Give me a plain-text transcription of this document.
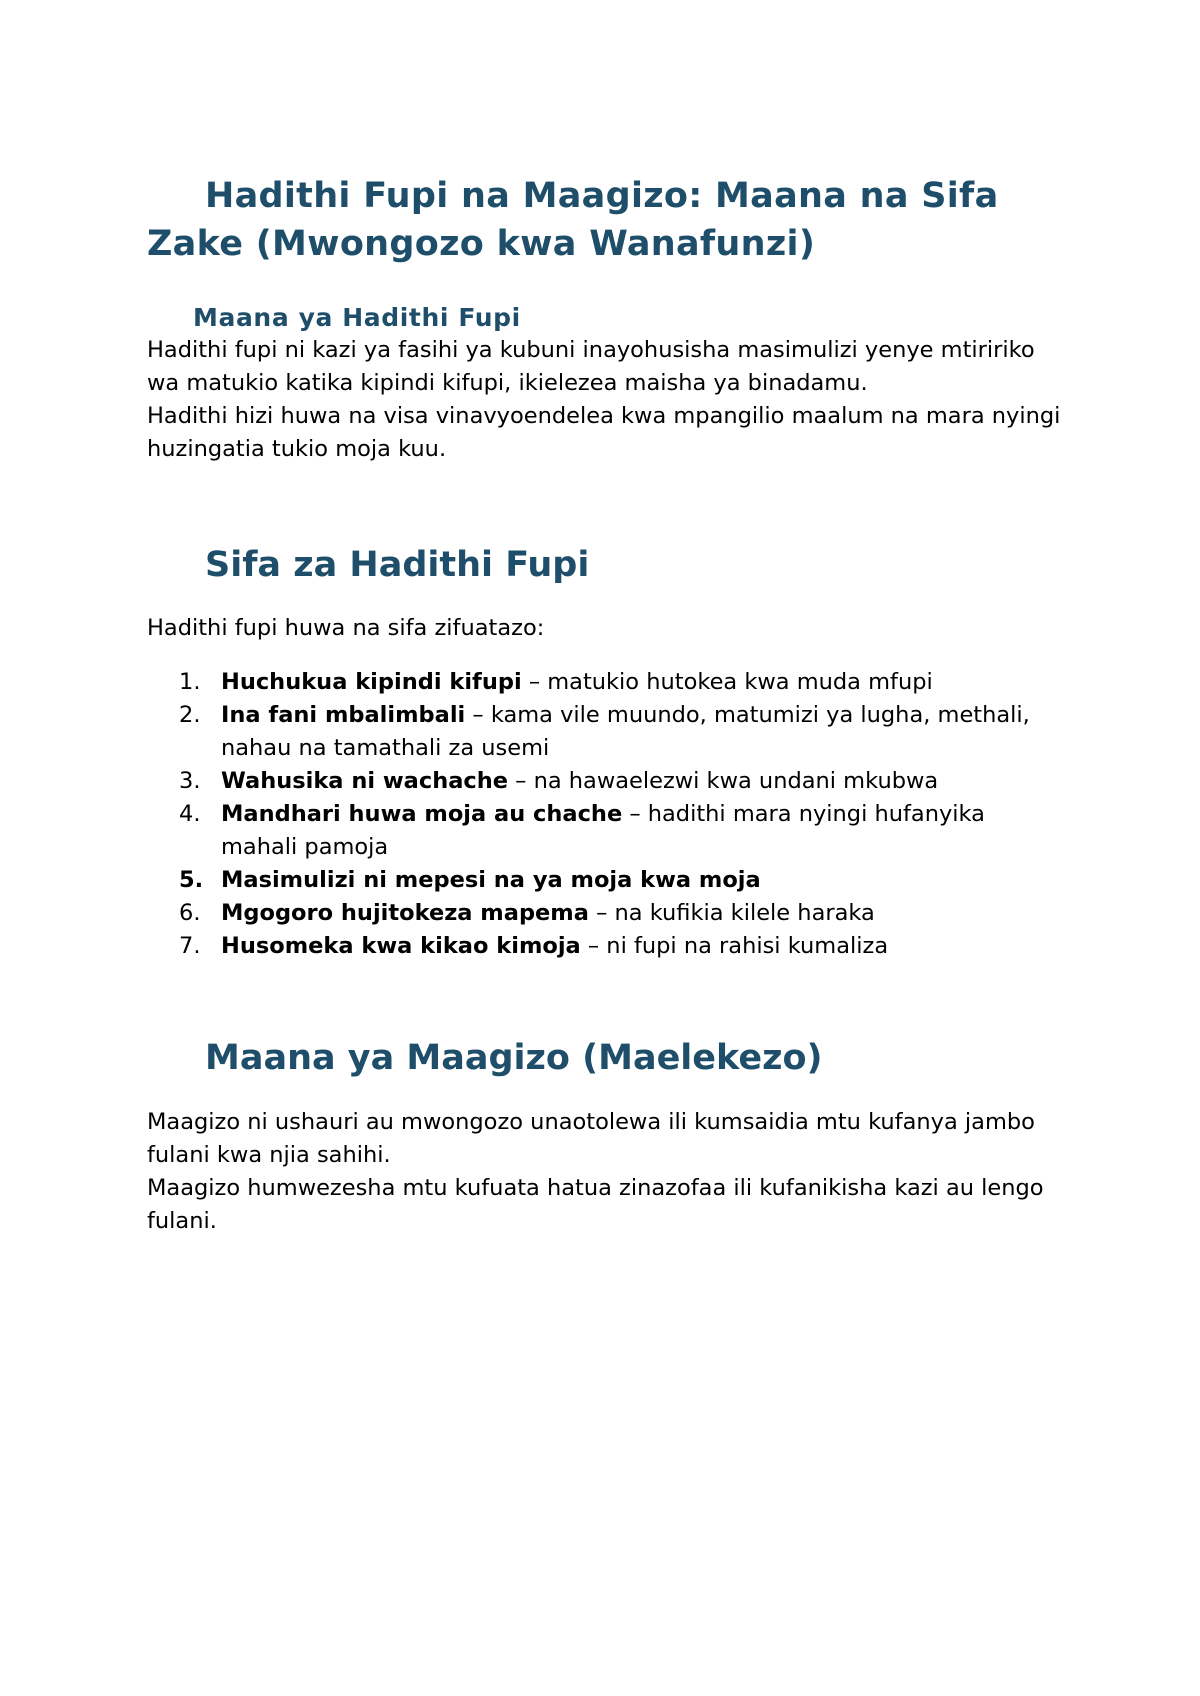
Hadithi Fupi na Maagizo: Maana na Sifa Zake (Mwongozo kwa Wanafunzi)
Maana ya Hadithi Fupi

Hadithi fupi ni kazi ya fasihi ya kubuni inayohusisha masimulizi yenye mtiririko wa matukio katika kipindi kifupi, ikielezea maisha ya binadamu.

Hadithi hizi huwa na visa vinavyoendelea kwa mpangilio maalum na mara nyingi huzingatia tukio moja kuu.

Sifa za Hadithi Fupi

Hadithi fupi huwa na sifa zifuatazo:

1. Huchukua kipindi kifupi – matukio hutokea kwa muda mfupi
2. Ina fani mbalimbali – kama vile muundo, matumizi ya lugha, methali, nahau na tamathali za usemi
3. Wahusika ni wachache – na hawaelezwi kwa undani mkubwa
4. Mandhari huwa moja au chache – hadithi mara nyingi hufanyika mahali pamoja
5. Masimulizi ni mepesi na ya moja kwa moja
6. Mgogoro hujitokeza mapema – na kufikia kilele haraka
7. Husomeka kwa kikao kimoja – ni fupi na rahisi kumaliza
Maana ya Maagizo (Maelekezo)

Maagizo ni ushauri au mwongozo unaotolewa ili kumsaidia mtu kufanya jambo fulani kwa njia sahihi.

Maagizo humwezesha mtu kufuata hatua zinazofaa ili kufanikisha kazi au lengo fulani.
